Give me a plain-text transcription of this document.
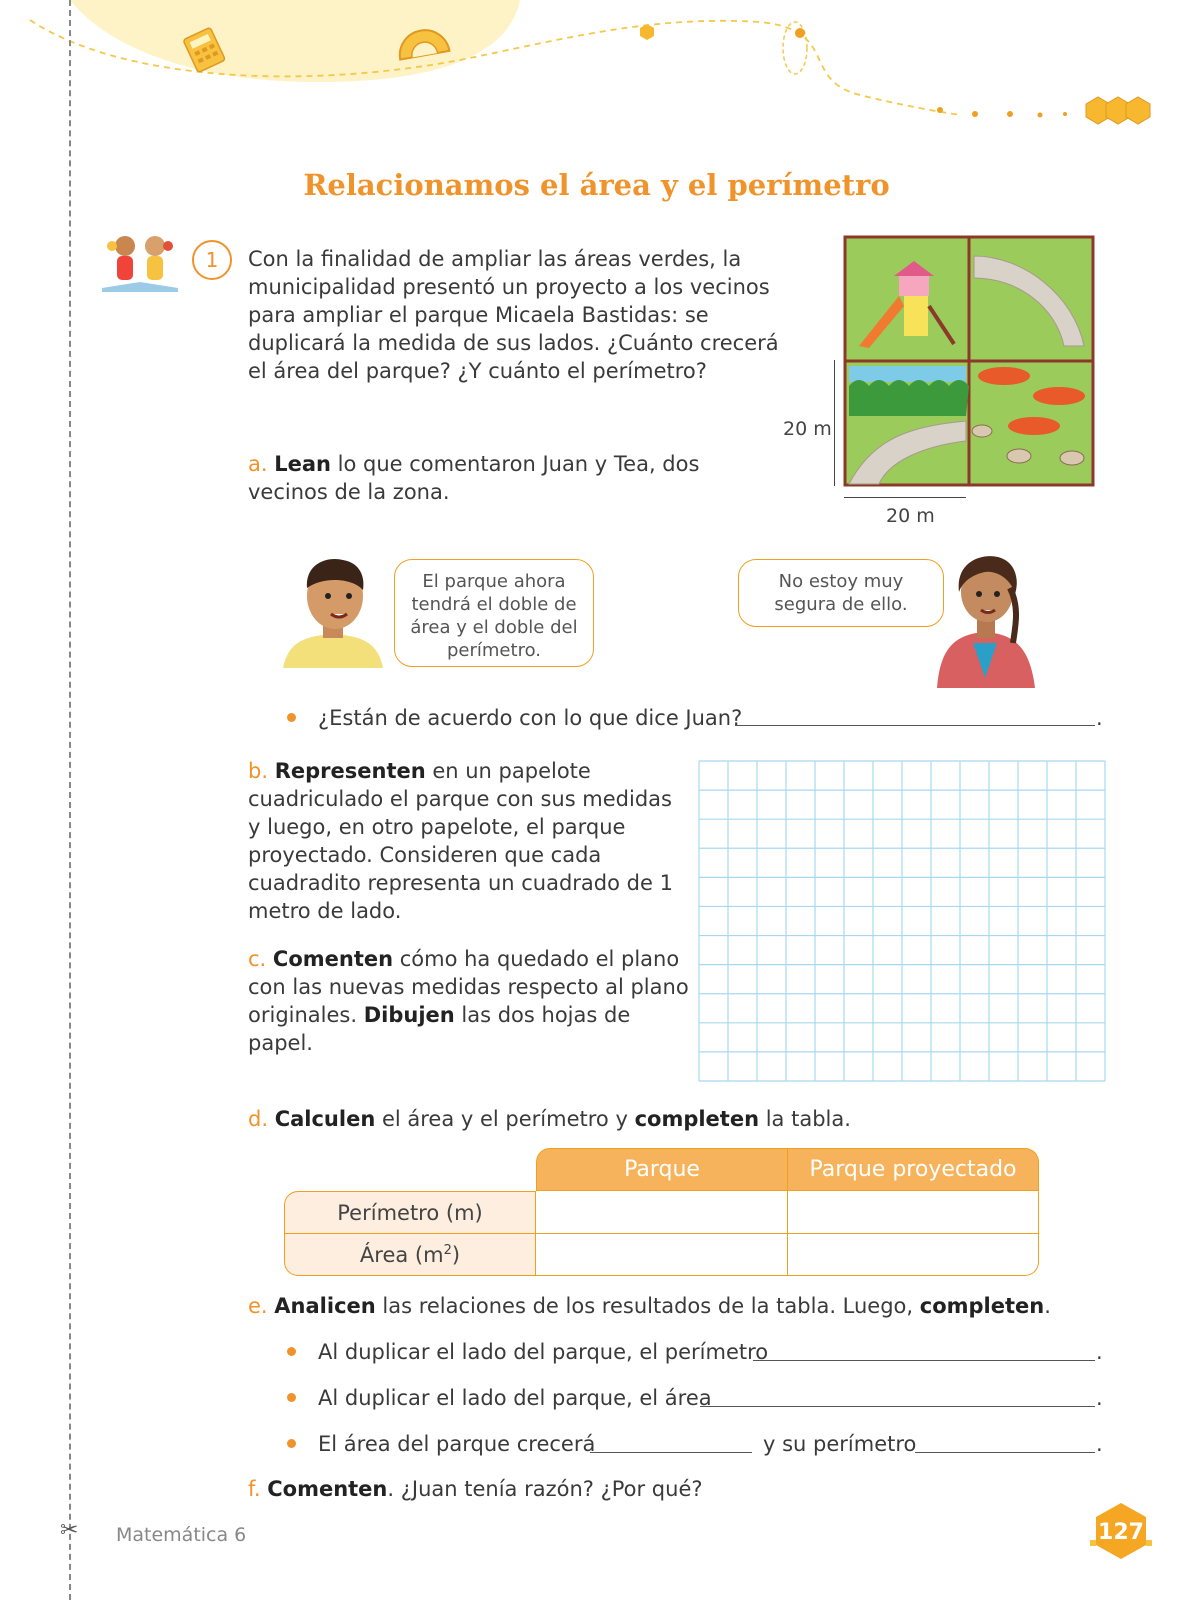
Relacionamos el área y el perímetro
1	Con la finalidad de ampliar las áreas verdes, la municipalidad presentó un proyecto a los vecinos para ampliar el parque Micaela Bastidas: se duplicará la medida de sus lados. ¿Cuánto crecerá el área del parque? ¿Y cuánto el perímetro?
20 m
20 m
a. Lean lo que comentaron Juan y Tea, dos vecinos de la zona.
El parque ahora tendrá el doble de área y el doble del perímetro.
No estoy muy segura de ello.
¿Están de acuerdo con lo que dice Juan?	.
b. Representen en un papelote cuadriculado el parque con sus medidas y luego, en otro papelote, el parque proyectado. Consideren que cada cuadradito representa un cuadrado de 1 metro de lado.
c. Comenten cómo ha quedado el plano con las nuevas medidas respecto al plano originales. Dibujen las dos hojas de papel.
d. Calculen el área y el perímetro y completen la tabla.
	Parque	Parque proyectado
Perímetro (m)		
Área $(m^2)$		
e. Analicen las relaciones de los resultados de la tabla. Luego, completen.
Al duplicar el lado del parque, el perímetro	.
Al duplicar el lado del parque, el área	.
El área del parque crecerá	y su perímetro	.
f. Comenten. ¿Juan tenía razón? ¿Por qué?
✂ Matemática 6	127
